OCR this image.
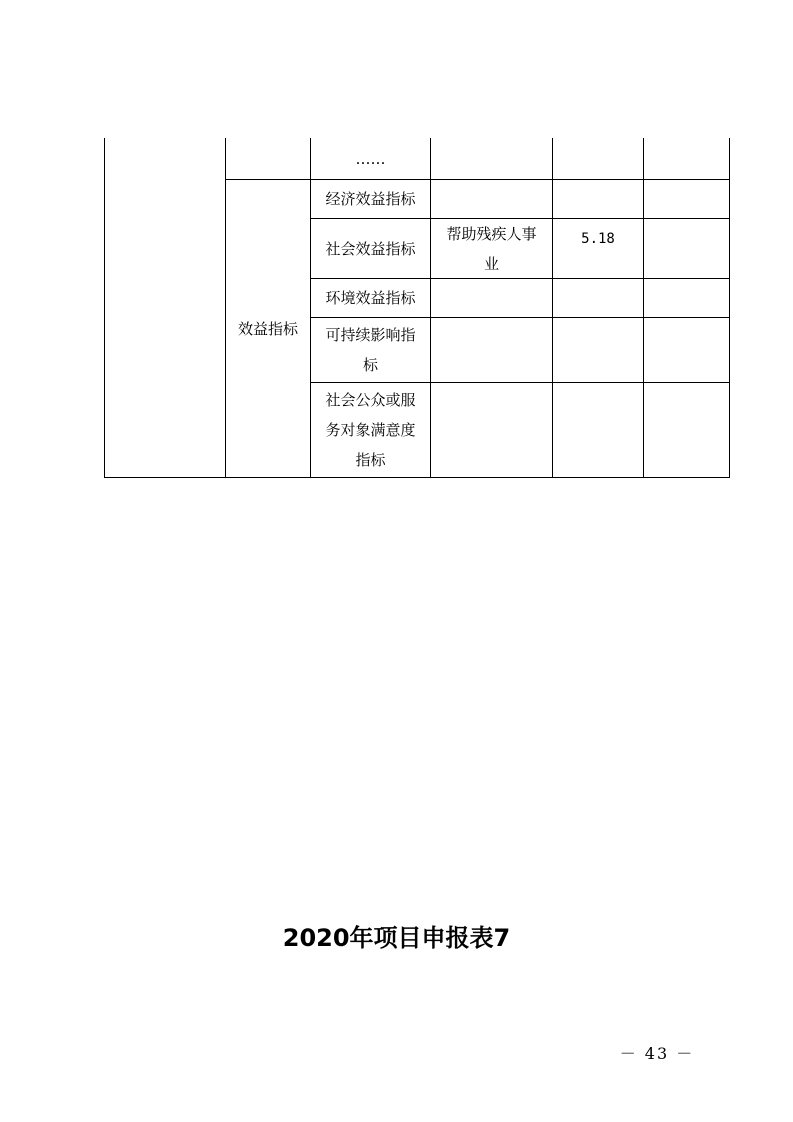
……
效益指标
经济效益指标
社会效益指标
帮助残疾人事业
5.18
环境效益指标
可持续影响指标
社会公众或服务对象满意度指标
2020年项目申报表7
－ 43 －
